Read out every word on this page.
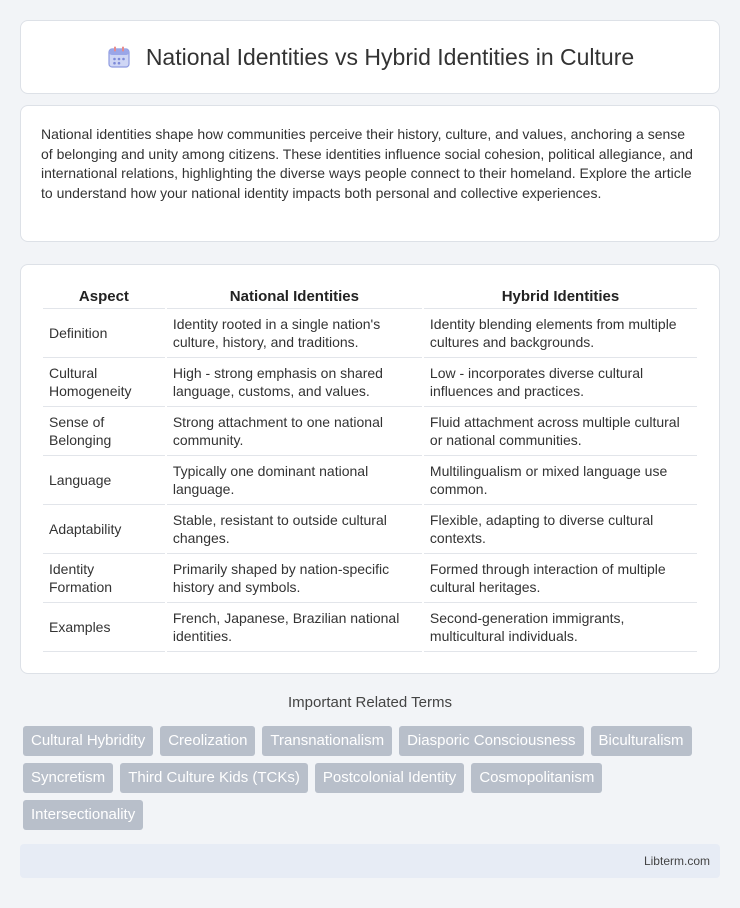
National Identities vs Hybrid Identities in Culture

National identities shape how communities perceive their history, culture, and values, anchoring a sense of belonging and unity among citizens. These identities influence social cohesion, political allegiance, and international relations, highlighting the diverse ways people connect to their homeland. Explore the article to understand how your national identity impacts both personal and collective experiences.

Aspect	National Identities	Hybrid Identities
Definition	Identity rooted in a single nation's culture, history, and traditions.	Identity blending elements from multiple cultures and backgrounds.
Cultural Homogeneity	High - strong emphasis on shared language, customs, and values.	Low - incorporates diverse cultural influences and practices.
Sense of Belonging	Strong attachment to one national community.	Fluid attachment across multiple cultural or national communities.
Language	Typically one dominant national language.	Multilingualism or mixed language use common.
Adaptability	Stable, resistant to outside cultural changes.	Flexible, adapting to diverse cultural contexts.
Identity Formation	Primarily shaped by nation-specific history and symbols.	Formed through interaction of multiple cultural heritages.
Examples	French, Japanese, Brazilian national identities.	Second-generation immigrants, multicultural individuals.
Important Related Terms
Cultural Hybridity	Creolization	Transnationalism	Diasporic Consciousness	Biculturalism
Syncretism	Third Culture Kids (TCKs)	Postcolonial Identity	Cosmopolitanism
Intersectionality
Libterm.com
